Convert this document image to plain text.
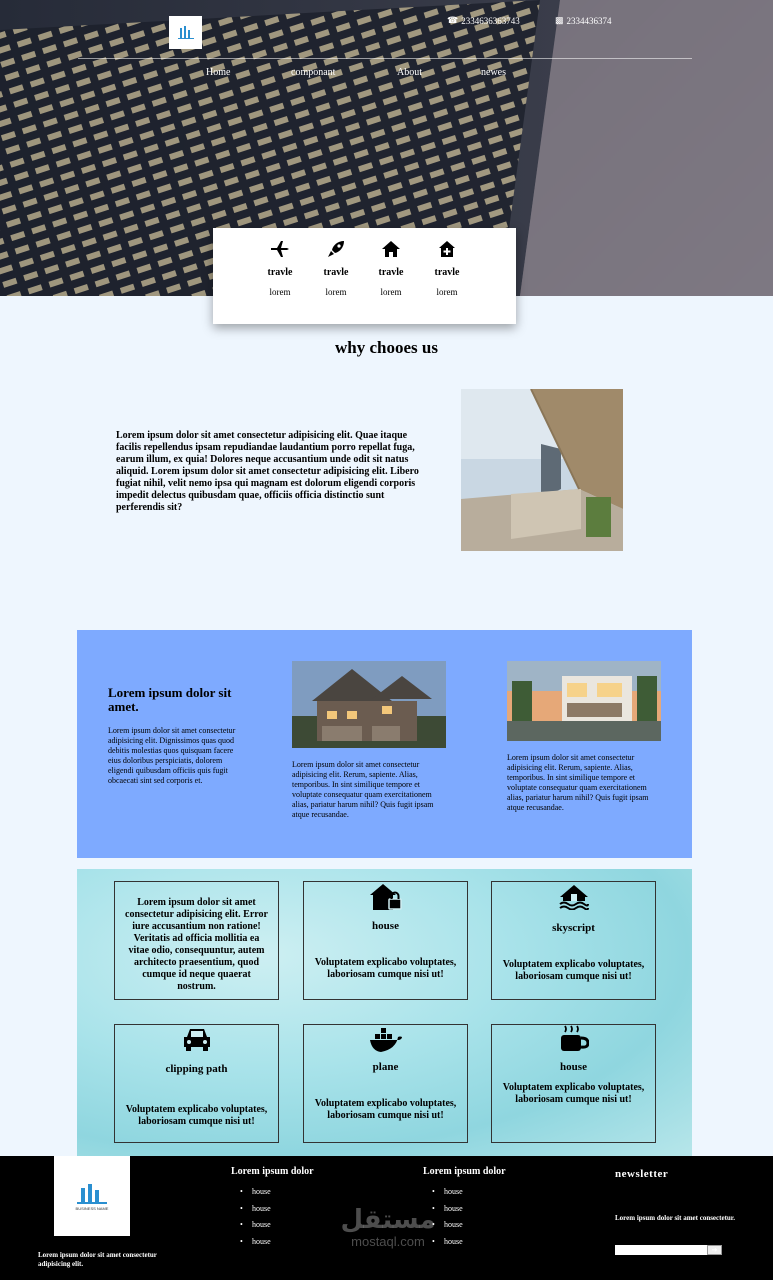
☎ 2334636363743	▩ 2334436374
Home	componant	About	newes
travle
lorem
travle
lorem
travle
lorem
travle
lorem
why chooes us

Lorem ipsum dolor sit amet consectetur adipisicing elit. Quae itaque facilis repellendus ipsam repudiandae laudantium porro repellat fuga, earum illum, ex quia! Dolores neque accusantium unde odit sit natus aliquid. Lorem ipsum dolor sit amet consectetur adipisicing elit. Libero fugiat nihil, velit nemo ipsa qui magnam est dolorum eligendi corporis impedit delectus quibusdam quae, officiis officia distinctio sunt perferendis sit?

Lorem ipsum dolor sit amet.

Lorem ipsum dolor sit amet consectetur adipisicing elit. Dignissimos quas quod debitis molestias quos quisquam facere eius doloribus perspiciatis, dolorem eligendi quibusdam officiis quis fugit obcaecati sint sed corporis et.

Lorem ipsum dolor sit amet consectetur adipisicing elit. Rerum, sapiente. Alias, temporibus. In sint similique tempore et voluptate consequatur quam exercitationem alias, pariatur harum nihil? Quis fugit ipsam atque recusandae.

Lorem ipsum dolor sit amet consectetur adipisicing elit. Rerum, sapiente. Alias, temporibus. In sint similique tempore et voluptate consequatur quam exercitationem alias, pariatur harum nihil? Quis fugit ipsam atque recusandae.

Lorem ipsum dolor sit amet consectetur adipisicing elit. Error iure accusantium non ratione! Veritatis ad officia mollitia ea vitae odio, consequuntur, autem architecto praesentium, quod cumque id neque quaerat nostrum.
house
Voluptatem explicabo voluptates, laboriosam cumque nisi ut!
skyscript
Voluptatem explicabo voluptates, laboriosam cumque nisi ut!
clipping path
Voluptatem explicabo voluptates, laboriosam cumque nisi ut!
plane
Voluptatem explicabo voluptates, laboriosam cumque nisi ut!
house
Voluptatem explicabo voluptates, laboriosam cumque nisi ut!
BUSINESS NAME

Lorem ipsum dolor sit amet consectetur adipisicing elit.

Lorem ipsum dolor
• house
• house
• house
• house
مستقل
mostaql.com
Lorem ipsum dolor
• house
• house
• house
• house
newsletter
Lorem ipsum dolor sit amet consectetur.
➔
